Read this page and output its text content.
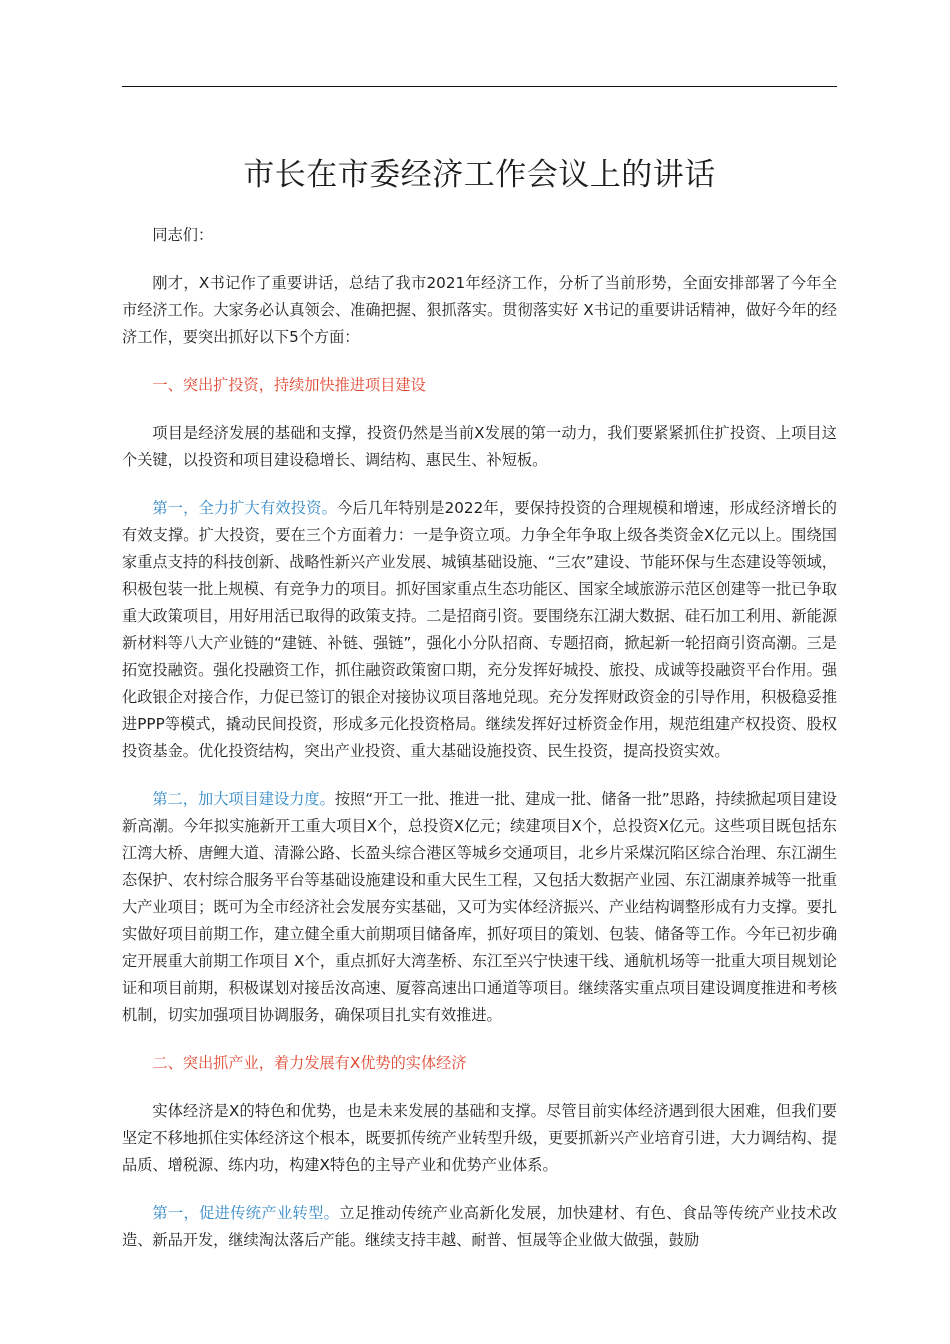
市长在市委经济工作会议上的讲话

同志们：

刚才，X书记作了重要讲话，总结了我市2021年经济工作，分析了当前形势，全面安排部署了今年全市经济工作。大家务必认真领会、准确把握、狠抓落实。贯彻落实好 X书记的重要讲话精神，做好今年的经济工作，要突出抓好以下5个方面：

一、突出扩投资，持续加快推进项目建设

项目是经济发展的基础和支撑，投资仍然是当前X发展的第一动力，我们要紧紧抓住扩投资、上项目这个关键，以投资和项目建设稳增长、调结构、惠民生、补短板。

第一，全力扩大有效投资。今后几年特别是2022年，要保持投资的合理规模和增速，形成经济增长的有效支撑。扩大投资，要在三个方面着力：一是争资立项。力争全年争取上级各类资金X亿元以上。围绕国家重点支持的科技创新、战略性新兴产业发展、城镇基础设施、“三农”建设、节能环保与生态建设等领域，积极包装一批上规模、有竞争力的项目。抓好国家重点生态功能区、国家全域旅游示范区创建等一批已争取重大政策项目，用好用活已取得的政策支持。二是招商引资。要围绕东江湖大数据、硅石加工利用、新能源新材料等八大产业链的“建链、补链、强链”，强化小分队招商、专题招商，掀起新一轮招商引资高潮。三是拓宽投融资。强化投融资工作，抓住融资政策窗口期，充分发挥好城投、旅投、成诚等投融资平台作用。强化政银企对接合作，力促已签订的银企对接协议项目落地兑现。充分发挥财政资金的引导作用，积极稳妥推进PPP等模式，撬动民间投资，形成多元化投资格局。继续发挥好过桥资金作用，规范组建产权投资、股权投资基金。优化投资结构，突出产业投资、重大基础设施投资、民生投资，提高投资实效。

第二，加大项目建设力度。按照“开工一批、推进一批、建成一批、储备一批”思路，持续掀起项目建设新高潮。今年拟实施新开工重大项目X个，总投资X亿元；续建项目X个，总投资X亿元。这些项目既包括东江湾大桥、唐鲤大道、清滁公路、长盈头综合港区等城乡交通项目，北乡片采煤沉陷区综合治理、东江湖生态保护、农村综合服务平台等基础设施建设和重大民生工程，又包括大数据产业园、东江湖康养城等一批重大产业项目；既可为全市经济社会发展夯实基础，又可为实体经济振兴、产业结构调整形成有力支撑。要扎实做好项目前期工作，建立健全重大前期项目储备库，抓好项目的策划、包装、储备等工作。今年已初步确定开展重大前期工作项目 X个，重点抓好大湾垄桥、东江至兴宁快速干线、通航机场等一批重大项目规划论证和项目前期，积极谋划对接岳汝高速、厦蓉高速出口通道等项目。继续落实重点项目建设调度推进和考核机制，切实加强项目协调服务，确保项目扎实有效推进。

二、突出抓产业，着力发展有X优势的实体经济

实体经济是X的特色和优势，也是未来发展的基础和支撑。尽管目前实体经济遇到很大困难，但我们要坚定不移地抓住实体经济这个根本，既要抓传统产业转型升级，更要抓新兴产业培育引进，大力调结构、提品质、增税源、练内功，构建X特色的主导产业和优势产业体系。

第一，促进传统产业转型。立足推动传统产业高新化发展，加快建材、有色、食品等传统产业技术改造、新品开发，继续淘汰落后产能。继续支持丰越、耐普、恒晟等企业做大做强，鼓励
